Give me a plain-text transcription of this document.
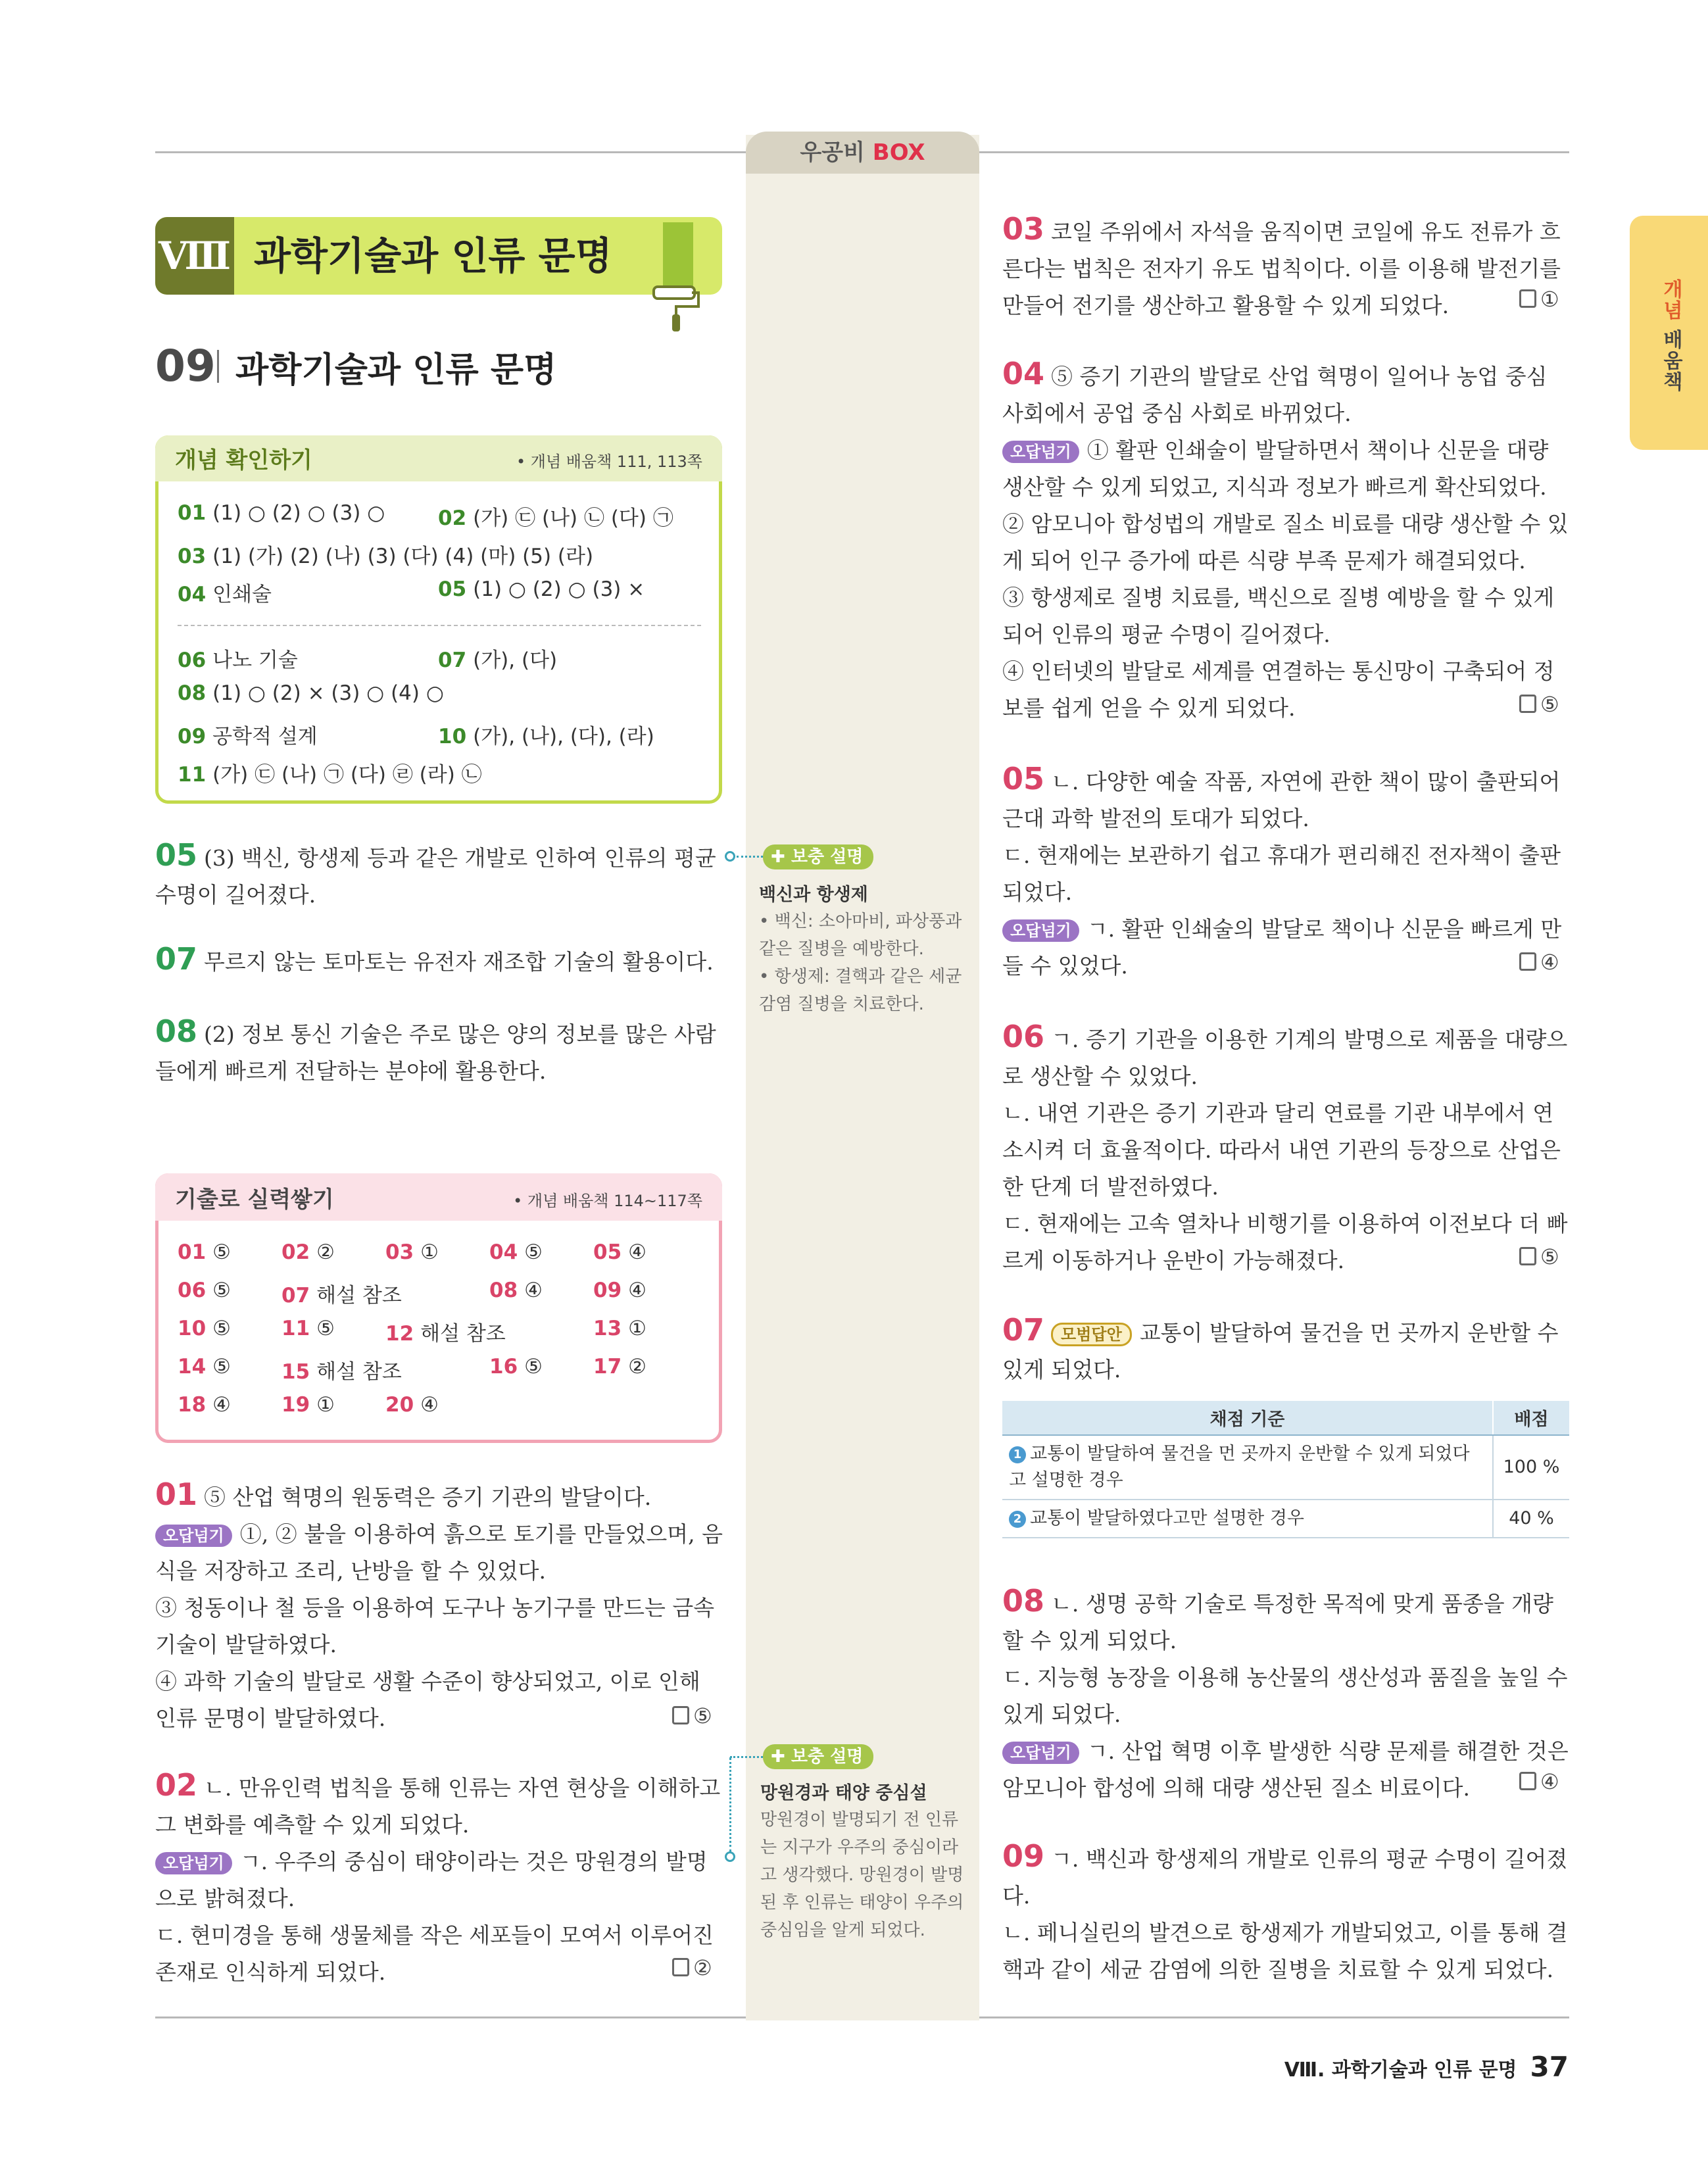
우공비 BOX
개념 배움책
Ⅷ 과학기술과 인류 문명
09 과학기술과 인류 문명
개념 확인하기	• 개념 배움책 111, 113쪽
01 (1) ○ (2) ○ (3) ○	02 (가) ㉢ (나) ㉡ (다) ㉠
03 (1) (가) (2) (나) (3) (다) (4) (마) (5) (라)
04 인쇄술	05 (1) ○ (2) ○ (3) ×
06 나노 기술	07 (가), (다)
08 (1) ○ (2) × (3) ○ (4) ○
09 공학적 설계	10 (가), (나), (다), (라)
11 (가) ㉢ (나) ㉠ (다) ㉣ (라) ㉡
05 (3) 백신, 항생제 등과 같은 개발로 인하여 인류의 평균 수명이 길어졌다.
07 무르지 않는 토마토는 유전자 재조합 기술의 활용이다.
08 (2) 정보 통신 기술은 주로 많은 양의 정보를 많은 사람들에게 빠르게 전달하는 분야에 활용한다.
✚ 보충 설명
백신과 항생제
• 백신: 소아마비, 파상풍과 같은 질병을 예방한다.
• 항생제: 결핵과 같은 세균 감염 질병을 치료한다.
기출로 실력쌓기	• 개념 배움책 114~117쪽
01 ⑤ 02 ② 03 ① 04 ⑤ 05 ④
06 ⑤ 07 해설 참조	08 ④ 09 ④
10 ⑤ 11 ⑤ 12 해설 참조	13 ①
14 ⑤ 15 해설 참조	16 ⑤ 17 ②
18 ④ 19 ① 20 ④
01 ⑤ 산업 혁명의 원동력은 증기 기관의 발달이다.
오답넘기 ①, ② 불을 이용하여 흙으로 토기를 만들었으며, 음식을 저장하고 조리, 난방을 할 수 있었다.
③ 청동이나 철 등을 이용하여 도구나 농기구를 만드는 금속 기술이 발달하였다.
④ 과학 기술의 발달로 생활 수준이 향상되었고, 이로 인해 인류 문명이 발달하였다.	⑤
02 ㄴ. 만유인력 법칙을 통해 인류는 자연 현상을 이해하고 그 변화를 예측할 수 있게 되었다.
오답넘기 ㄱ. 우주의 중심이 태양이라는 것은 망원경의 발명으로 밝혀졌다.
ㄷ. 현미경을 통해 생물체를 작은 세포들이 모여서 이루어진 존재로 인식하게 되었다.	②
✚ 보충 설명
망원경과 태양 중심설
망원경이 발명되기 전 인류는 지구가 우주의 중심이라고 생각했다. 망원경이 발명된 후 인류는 태양이 우주의 중심임을 알게 되었다.
03 코일 주위에서 자석을 움직이면 코일에 유도 전류가 흐른다는 법칙은 전자기 유도 법칙이다. 이를 이용해 발전기를 만들어 전기를 생산하고 활용할 수 있게 되었다.	①
04 ⑤ 증기 기관의 발달로 산업 혁명이 일어나 농업 중심 사회에서 공업 중심 사회로 바뀌었다.
오답넘기 ① 활판 인쇄술이 발달하면서 책이나 신문을 대량 생산할 수 있게 되었고, 지식과 정보가 빠르게 확산되었다.
② 암모니아 합성법의 개발로 질소 비료를 대량 생산할 수 있게 되어 인구 증가에 따른 식량 부족 문제가 해결되었다.
③ 항생제로 질병 치료를, 백신으로 질병 예방을 할 수 있게 되어 인류의 평균 수명이 길어졌다.
④ 인터넷의 발달로 세계를 연결하는 통신망이 구축되어 정보를 쉽게 얻을 수 있게 되었다.	⑤
05 ㄴ. 다양한 예술 작품, 자연에 관한 책이 많이 출판되어 근대 과학 발전의 토대가 되었다.
ㄷ. 현재에는 보관하기 쉽고 휴대가 편리해진 전자책이 출판되었다.
오답넘기 ㄱ. 활판 인쇄술의 발달로 책이나 신문을 빠르게 만들 수 있었다.	④
06 ㄱ. 증기 기관을 이용한 기계의 발명으로 제품을 대량으로 생산할 수 있었다.
ㄴ. 내연 기관은 증기 기관과 달리 연료를 기관 내부에서 연소시켜 더 효율적이다. 따라서 내연 기관의 등장으로 산업은 한 단계 더 발전하였다.
ㄷ. 현재에는 고속 열차나 비행기를 이용하여 이전보다 더 빠르게 이동하거나 운반이 가능해졌다.	⑤
07 모범답안 교통이 발달하여 물건을 먼 곳까지 운반할 수 있게 되었다.
채점 기준	배점
1 교통이 발달하여 물건을 먼 곳까지 운반할 수 있게 되었다고 설명한 경우	100 %
2 교통이 발달하였다고만 설명한 경우	40 %
08 ㄴ. 생명 공학 기술로 특정한 목적에 맞게 품종을 개량할 수 있게 되었다.
ㄷ. 지능형 농장을 이용해 농산물의 생산성과 품질을 높일 수 있게 되었다.
오답넘기 ㄱ. 산업 혁명 이후 발생한 식량 문제를 해결한 것은 암모니아 합성에 의해 대량 생산된 질소 비료이다.	④
09 ㄱ. 백신과 항생제의 개발로 인류의 평균 수명이 길어졌다.
ㄴ. 페니실린의 발견으로 항생제가 개발되었고, 이를 통해 결핵과 같이 세균 감염에 의한 질병을 치료할 수 있게 되었다.
Ⅷ. 과학기술과 인류 문명 37
